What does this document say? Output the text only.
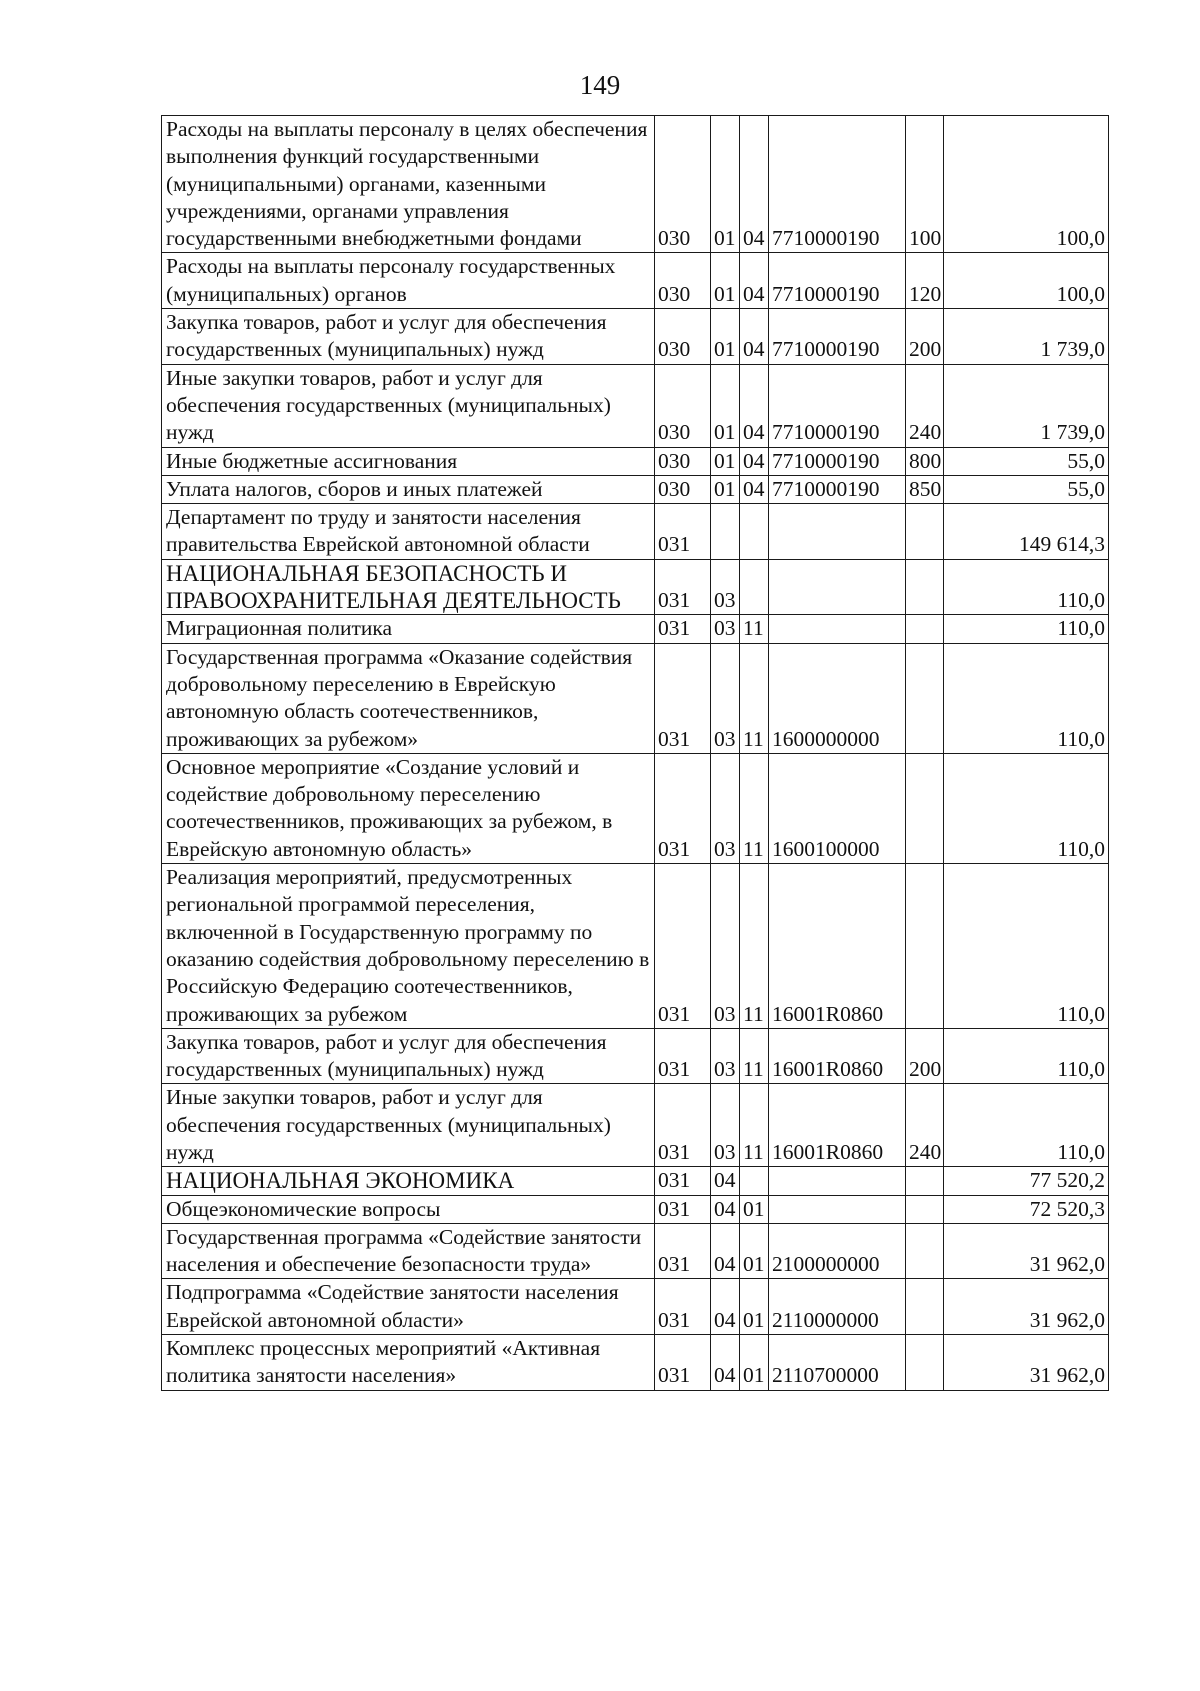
149
Расходы на выплаты персоналу в целях обеспечения выполнения функций государственными (муниципальными) органами, казенными учреждениями, органами управления государственными внебюджетными фондами	030	01	04	7710000190	100	100,0
Расходы на выплаты персоналу государственных (муниципальных) органов	030	01	04	7710000190	120	100,0
Закупка товаров, работ и услуг для обеспечения государственных (муниципальных) нужд	030	01	04	7710000190	200	1 739,0
Иные закупки товаров, работ и услуг для обеспечения государственных (муниципальных) нужд	030	01	04	7710000190	240	1 739,0
Иные бюджетные ассигнования	030	01	04	7710000190	800	55,0
Уплата налогов, сборов и иных платежей	030	01	04	7710000190	850	55,0
Департамент по труду и занятости населения правительства Еврейской автономной области	031					149 614,3
НАЦИОНАЛЬНАЯ БЕЗОПАСНОСТЬ И ПРАВООХРАНИТЕЛЬНАЯ ДЕЯТЕЛЬНОСТЬ	031	03				110,0
Миграционная политика	031	03	11			110,0
Государственная программа «Оказание содействия добровольному переселению в Еврейскую автономную область соотечественников, проживающих за рубежом»	031	03	11	1600000000		110,0
Основное мероприятие «Создание условий и содействие добровольному переселению соотечественников, проживающих за рубежом, в Еврейскую автономную область»	031	03	11	1600100000		110,0
Реализация мероприятий, предусмотренных региональной программой переселения, включенной в Государственную программу по оказанию содействия добровольному переселению в Российскую Федерацию соотечественников, проживающих за рубежом	031	03	11	16001R0860		110,0
Закупка товаров, работ и услуг для обеспечения государственных (муниципальных) нужд	031	03	11	16001R0860	200	110,0
Иные закупки товаров, работ и услуг для обеспечения государственных (муниципальных) нужд	031	03	11	16001R0860	240	110,0
НАЦИОНАЛЬНАЯ ЭКОНОМИКА	031	04				77 520,2
Общеэкономические вопросы	031	04	01			72 520,3
Государственная программа «Содействие занятости населения и обеспечение безопасности труда»	031	04	01	2100000000		31 962,0
Подпрограмма «Содействие занятости населения Еврейской автономной области»	031	04	01	2110000000		31 962,0
Комплекс процессных мероприятий «Активная политика занятости населения»	031	04	01	2110700000		31 962,0
